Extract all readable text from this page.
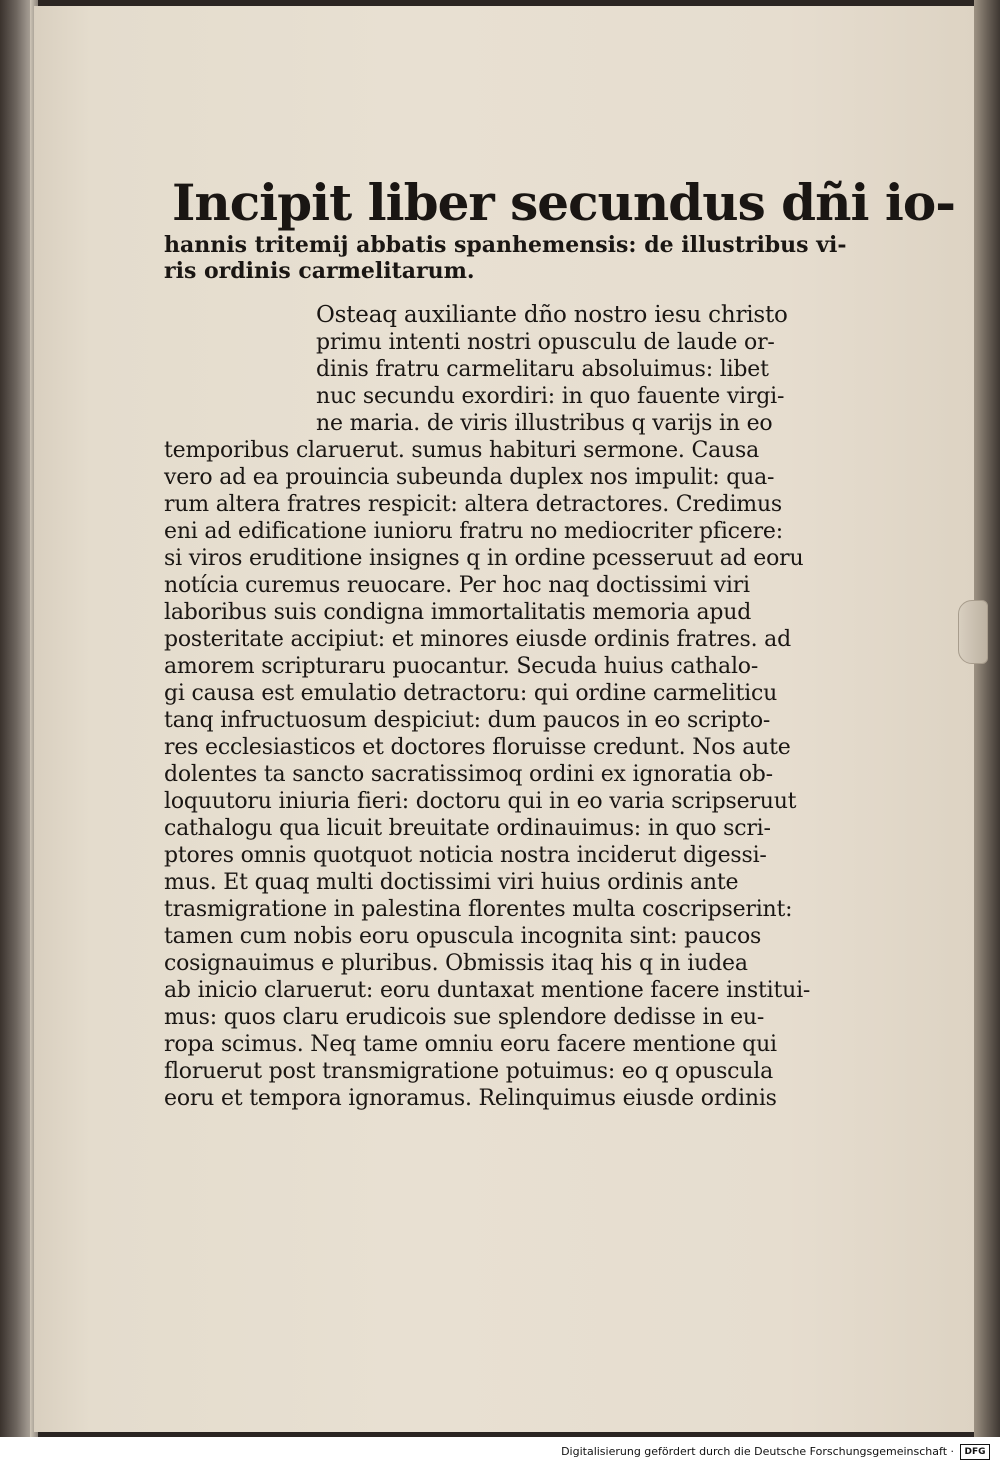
Incipit liber secundus dñi io-
hannis tritemij abbatis spanhemensis: de illustribus vi-
ris ordinis carmelitarum.
Osteaq auxiliante dño nostro iesu christo
primu intenti nostri opusculu de laude or-
dinis fratru carmelitaru absoluimus: libet
nuc secundu exordiri: in quo fauente virgi-
ne maria. de viris illustribus q varijs in eo
temporibus claruerut. sumus habituri sermone. Causa
vero ad ea prouincia subeunda duplex nos impulit: qua-
rum altera fratres respicit: altera detractores. Credimus
eni ad edificatione iunioru fratru no mediocriter pficere:
si viros eruditione insignes q in ordine pcesseruut ad eoru
notícia curemus reuocare. Per hoc naq doctissimi viri
laboribus suis condigna immortalitatis memoria apud
posteritate accipiut: et minores eiusde ordinis fratres. ad
amorem scripturaru puocantur. Secuda huius cathalo-
gi causa est emulatio detractoru: qui ordine carmeliticu
tanq infructuosum despiciut: dum paucos in eo scripto-
res ecclesiasticos et doctores floruisse credunt. Nos aute
dolentes ta sancto sacratissimoq ordini ex ignoratia ob-
loquutoru iniuria fieri: doctoru qui in eo varia scripseruut
cathalogu qua licuit breuitate ordinauimus: in quo scri-
ptores omnis quotquot noticia nostra inciderut digessi-
mus. Et quaq multi doctissimi viri huius ordinis ante
trasmigratione in palestina florentes multa coscripserint:
tamen cum nobis eoru opuscula incognita sint: paucos
cosignauimus e pluribus. Obmissis itaq his q in iudea
ab inicio claruerut: eoru duntaxat mentione facere institui-
mus: quos claru erudicois sue splendore dedisse in eu-
ropa scimus. Neq tame omniu eoru facere mentione qui
floruerut post transmigratione potuimus: eo q opuscula
eoru et tempora ignoramus. Relinquimus eiusde ordinis
Digitalisierung gefördert durch die Deutsche Forschungsgemeinschaft ·	DFG
